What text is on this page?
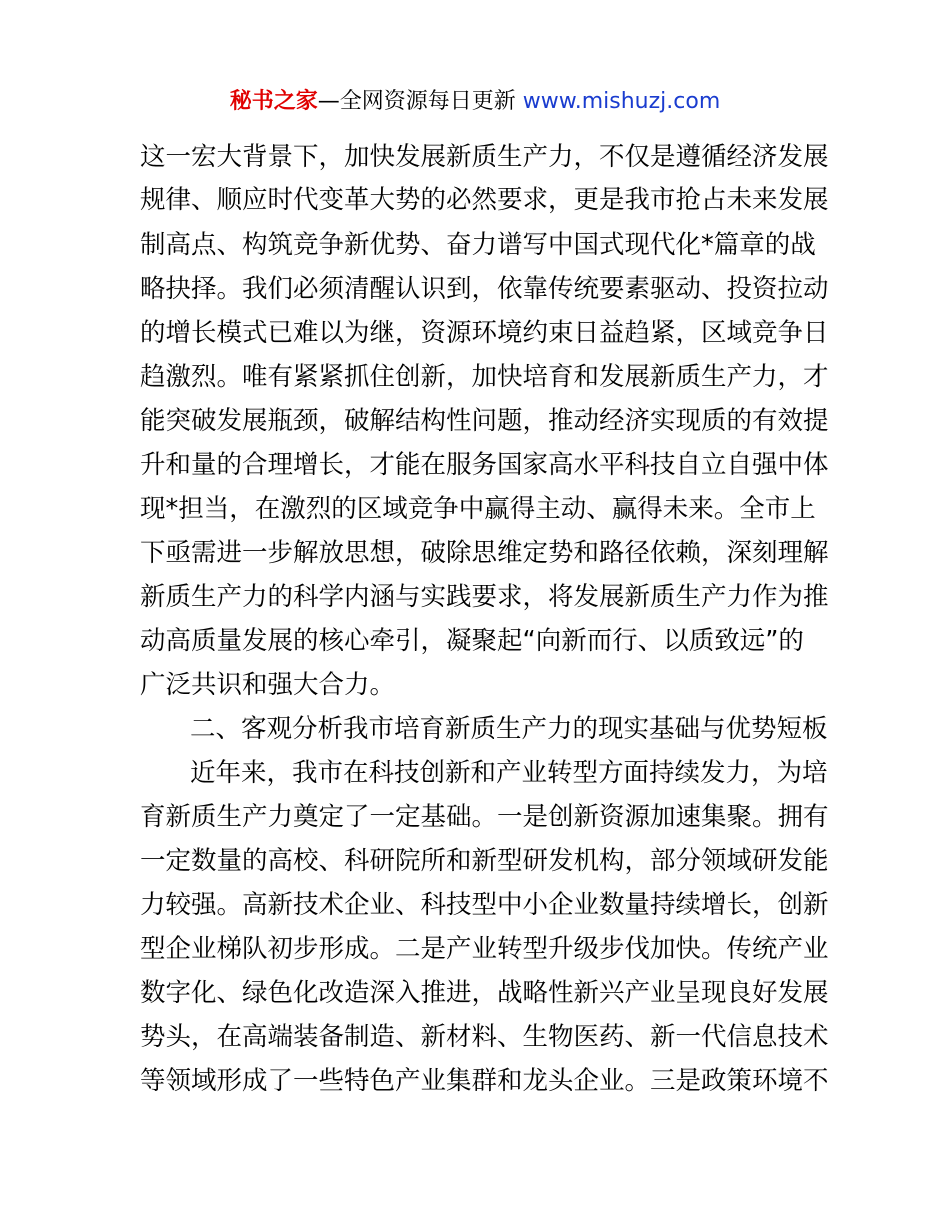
秘书之家—全网资源每日更新 www.mishuzj.com
这一宏大背景下，加快发展新质生产力，不仅是遵循经济发展
规律、顺应时代变革大势的必然要求，更是我市抢占未来发展
制高点、构筑竞争新优势、奋力谱写中国式现代化*篇章的战
略抉择。我们必须清醒认识到，依靠传统要素驱动、投资拉动
的增长模式已难以为继，资源环境约束日益趋紧，区域竞争日
趋激烈。唯有紧紧抓住创新，加快培育和发展新质生产力，才
能突破发展瓶颈，破解结构性问题，推动经济实现质的有效提
升和量的合理增长，才能在服务国家高水平科技自立自强中体
现*担当，在激烈的区域竞争中赢得主动、赢得未来。全市上
下亟需进一步解放思想，破除思维定势和路径依赖，深刻理解
新质生产力的科学内涵与实践要求，将发展新质生产力作为推
动高质量发展的核心牵引，凝聚起“向新而行、以质致远”的
广泛共识和强大合力。
二、客观分析我市培育新质生产力的现实基础与优势短板
近年来，我市在科技创新和产业转型方面持续发力，为培
育新质生产力奠定了一定基础。一是创新资源加速集聚。拥有
一定数量的高校、科研院所和新型研发机构，部分领域研发能
力较强。高新技术企业、科技型中小企业数量持续增长，创新
型企业梯队初步形成。二是产业转型升级步伐加快。传统产业
数字化、绿色化改造深入推进，战略性新兴产业呈现良好发展
势头，在高端装备制造、新材料、生物医药、新一代信息技术
等领域形成了一些特色产业集群和龙头企业。三是政策环境不
